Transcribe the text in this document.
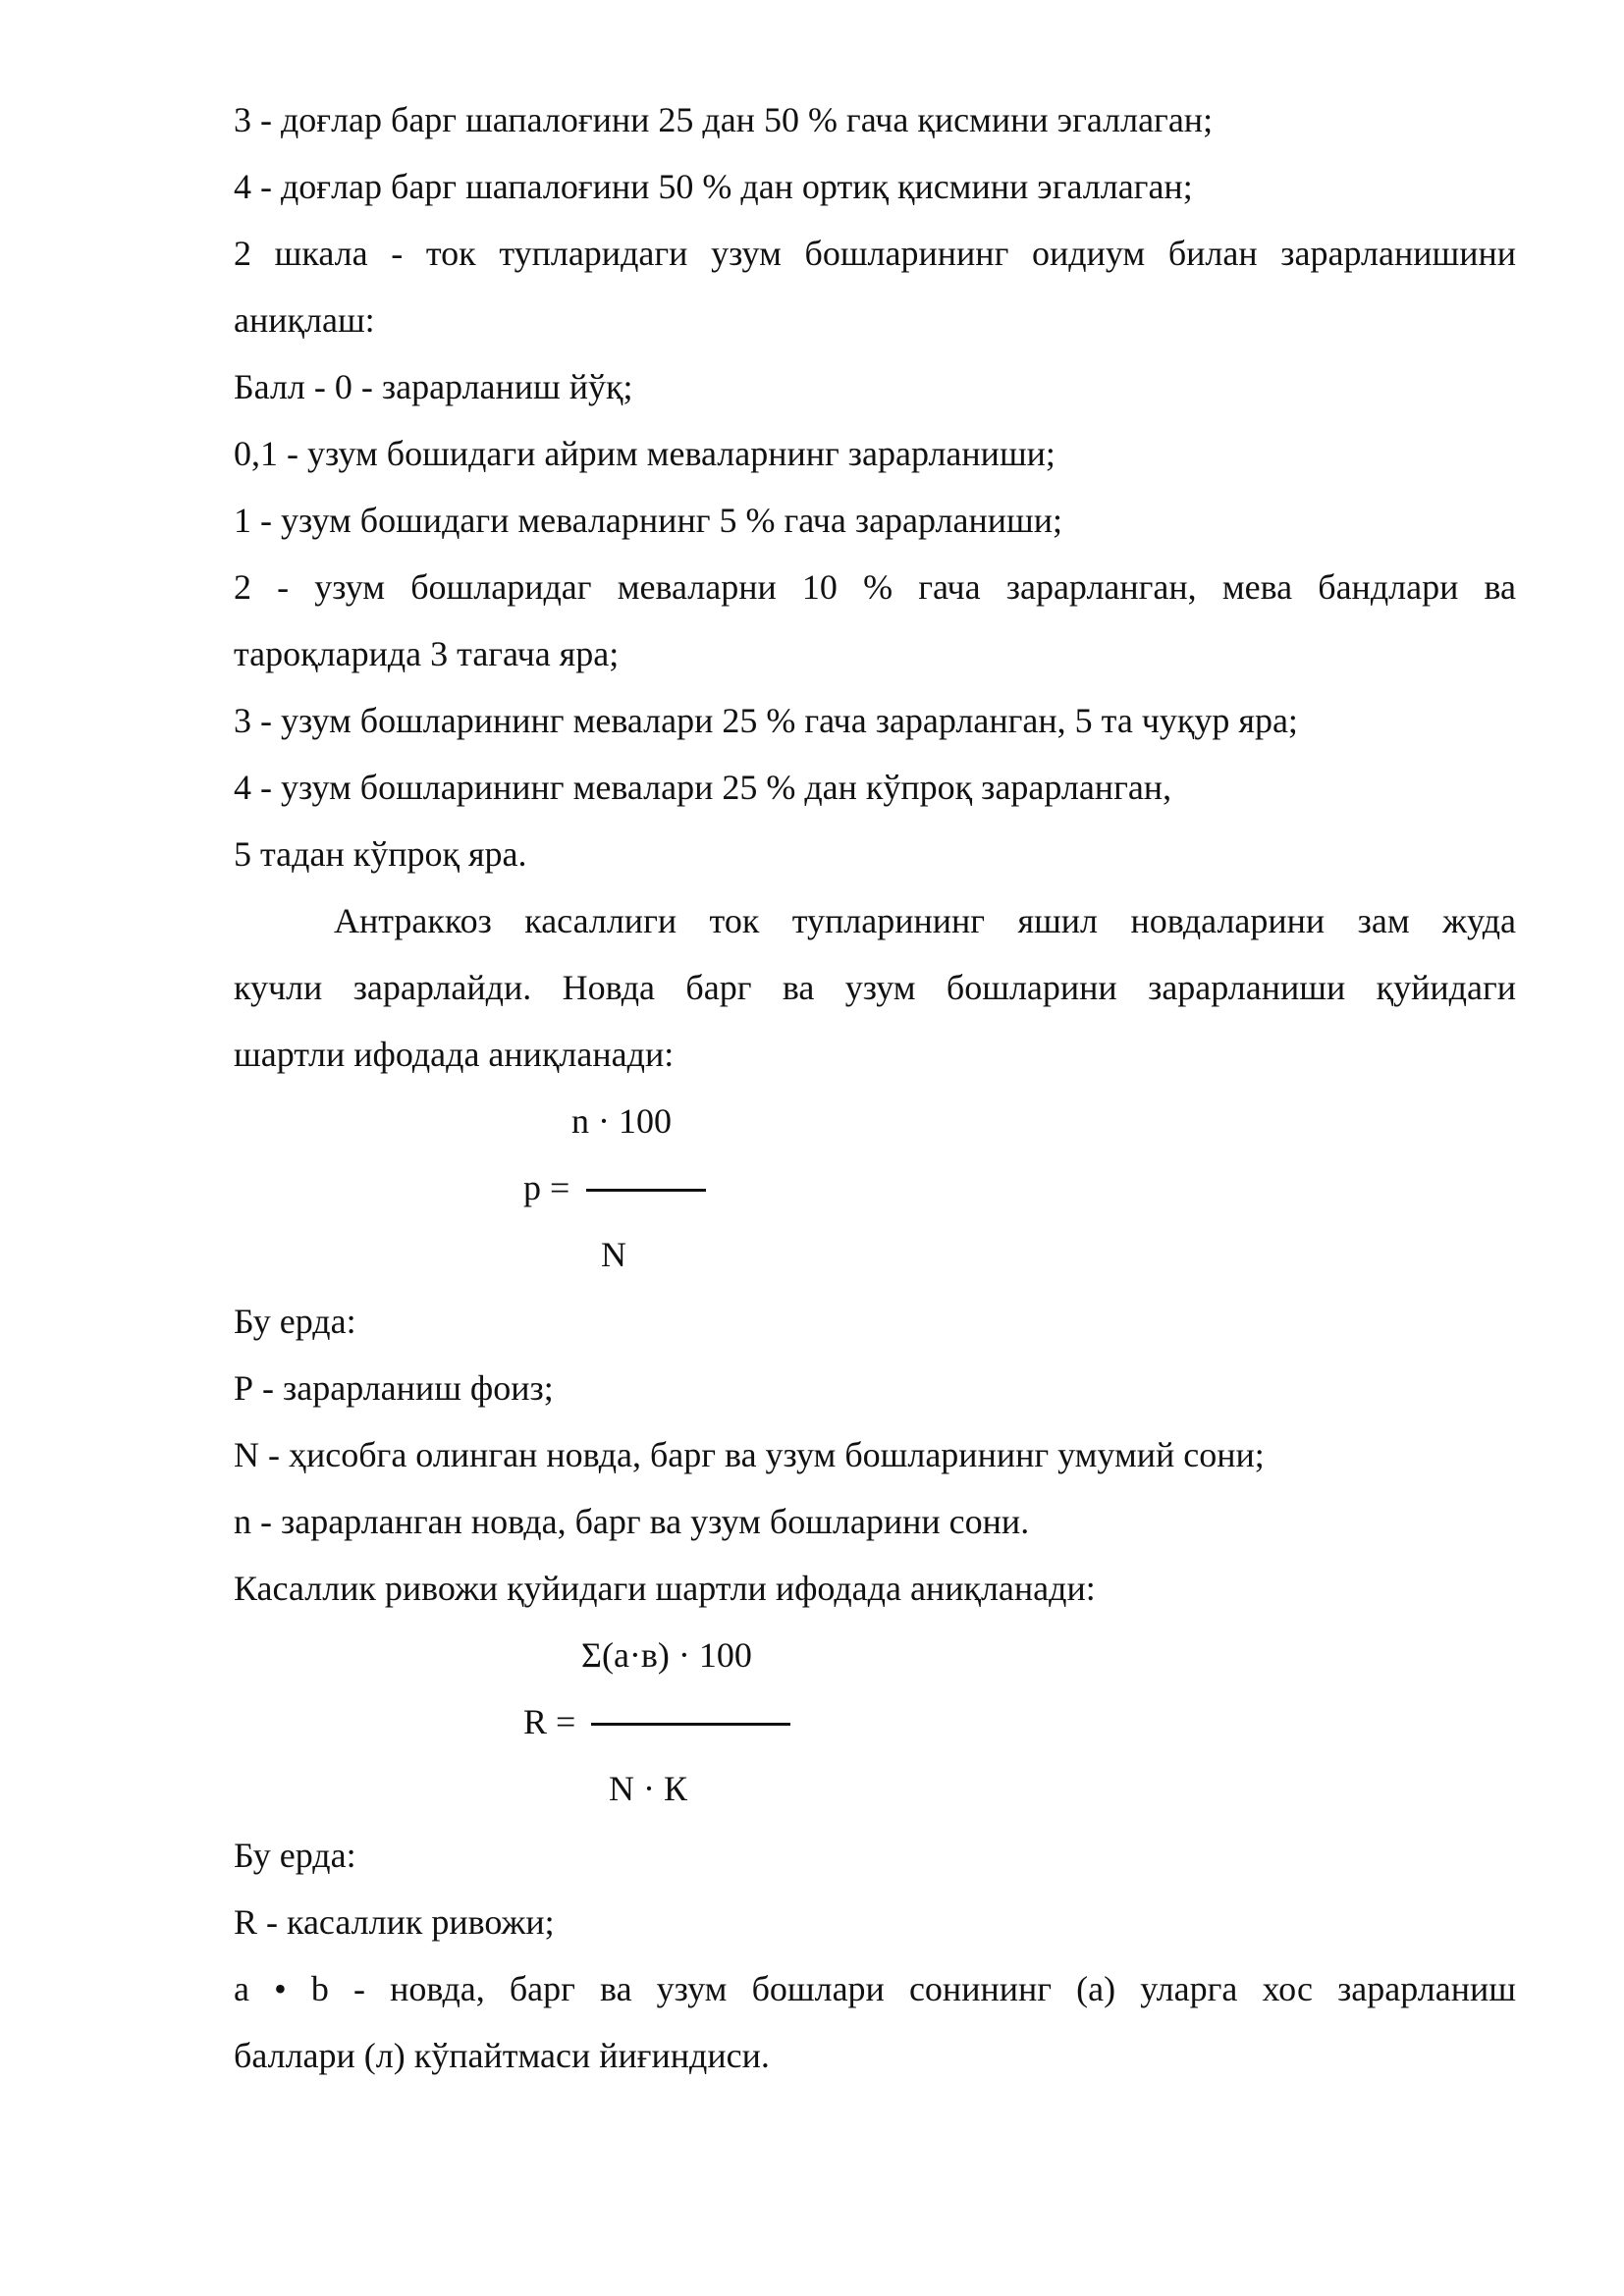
3 - доғлар барг шапалоғини 25 дан 50 % гача қисмини эгаллаган;
4 - доғлар барг шапалоғини 50 % дан ортиқ қисмини эгаллаган;
2 шкала - ток тупларидаги узум бошларининг оидиум билан зарарланишини
аниқлаш:
Балл - 0 - зарарланиш йўқ;
0,1 - узум бошидаги айрим меваларнинг зарарланиши;
1 - узум бошидаги меваларнинг 5 % гача зарарланиши;
2 - узум бошларидаг меваларни 10 % гача зарарланган, мева бандлари ва
тароқларида 3 тагача яра;
3 - узум бошларининг мевалари 25 % гача зарарланган, 5 та чуқур яра;
4 - узум бошларининг мевалари 25 % дан кўпроқ зарарланган,
5 тадан кўпроқ яра.
Антраккоз касаллиги ток тупларининг яшил новдаларини зам жуда
кучли зарарлайди. Новда барг ва узум бошларини зарарланиши қуйидаги
шартли ифодада аниқланади:
n · 100
р =
N
Бу ерда:
Р - зарарланиш фоиз;
N - ҳисобга олинган новда, барг ва узум бошларининг умумий сони;
n - зарарланган новда, барг ва узум бошларини сони.
Касаллик ривожи қуйидаги шартли ифодада аниқланади:
Σ(а·в) · 100
R =
N · К
Бу ерда:
R - касаллик ривожи;
а • b - новда, барг ва узум бошлари сонининг (а) уларга хос зарарланиш
баллари (л) кўпайтмаси йиғиндиси.
